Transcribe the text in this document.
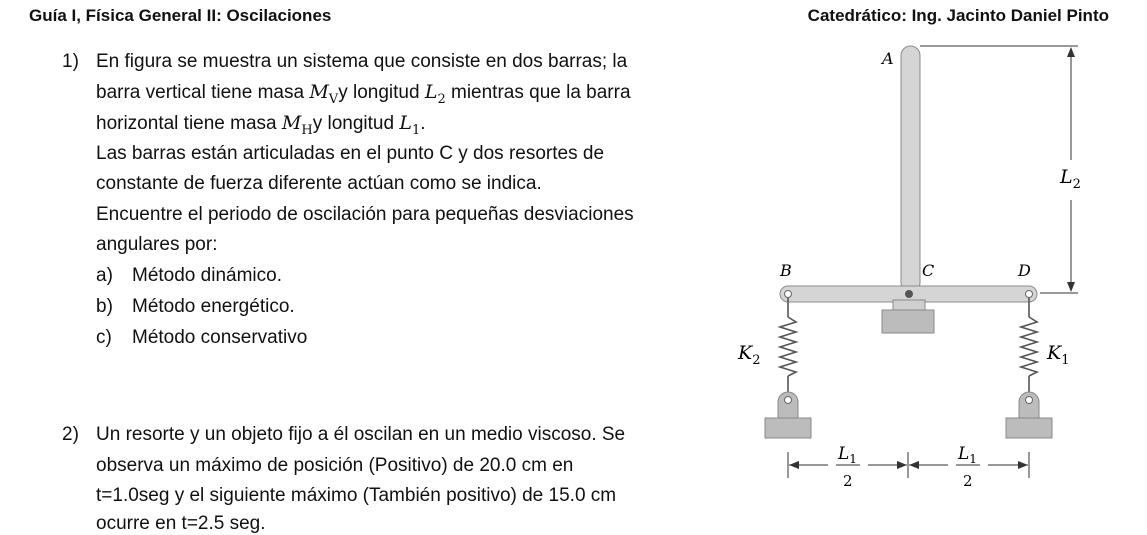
Guía I, Física General II: Oscilaciones	Catedrático: Ing. Jacinto Daniel Pinto
1) En figura se muestra un sistema que consiste en dos barras; la
barra vertical tiene masa $M_Vy$ longitud $L_2$ mientras que la barra
horizontal tiene masa $M_Hy$ longitud $L_1$.
Las barras están articuladas en el punto C y dos resortes de
constante de fuerza diferente actúan como se indica.
Encuentre el periodo de oscilación para pequeñas desviaciones
angulares por:
a) Método dinámico.
b) Método energético.
c) Método conservativo
2) Un resorte y un objeto fijo a él oscilan en un medio viscoso. Se
observa un máximo de posición (Positivo) de 20.0 cm en
t=1.0seg y el siguiente máximo (También positivo) de 15.0 cm
ocurre en t=2.5 seg.
$L_2$
A
B	C	D
$K_2$	$K_1$
$L_1$
2
$L_1$
2
